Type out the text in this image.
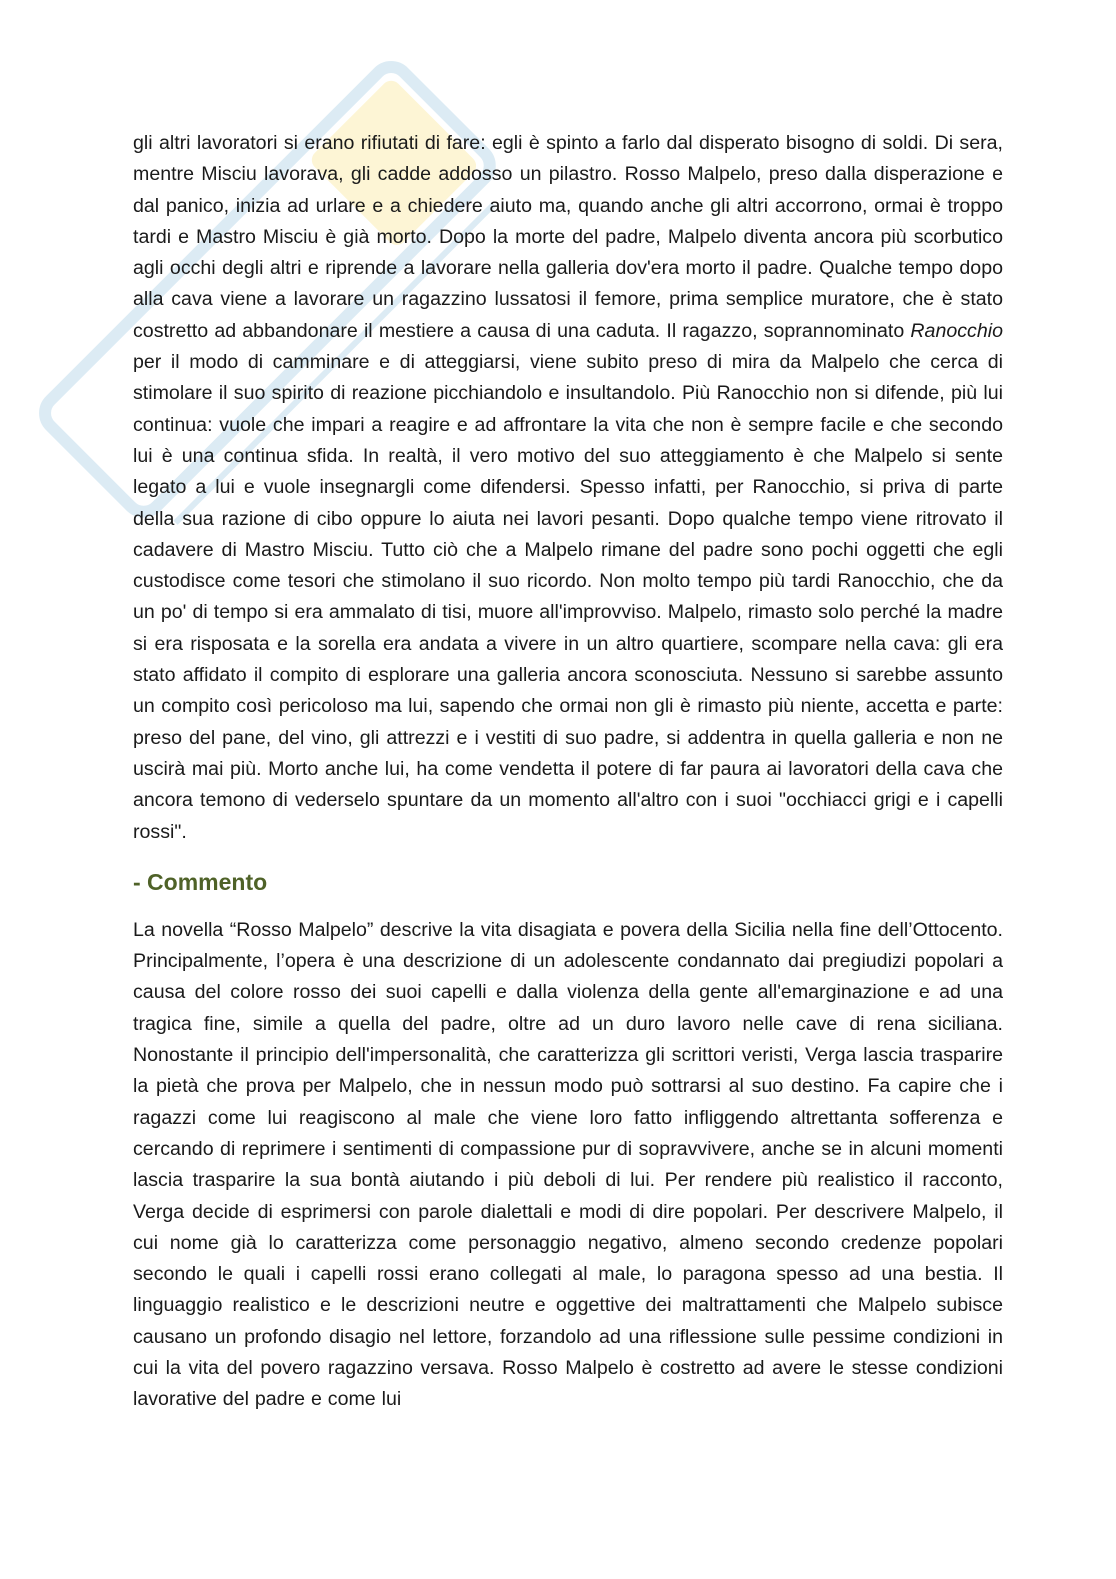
gli altri lavoratori si erano rifiutati di fare: egli è spinto a farlo dal disperato bisogno di soldi. Di sera, mentre Misciu lavorava, gli cadde addosso un pilastro. Rosso Malpelo, preso dalla disperazione e dal panico, inizia ad urlare e a chiedere aiuto ma, quando anche gli altri accorrono, ormai è troppo tardi e Mastro Misciu è già morto. Dopo la morte del padre, Malpelo diventa ancora più scorbutico agli occhi degli altri e riprende a lavorare nella galleria dov'era morto il padre. Qualche tempo dopo alla cava viene a lavorare un ragazzino lussatosi il femore, prima semplice muratore, che è stato costretto ad abbandonare il mestiere a causa di una caduta. Il ragazzo, soprannominato Ranocchio per il modo di camminare e di atteggiarsi, viene subito preso di mira da Malpelo che cerca di stimolare il suo spirito di reazione picchiandolo e insultandolo. Più Ranocchio non si difende, più lui continua: vuole che impari a reagire e ad affrontare la vita che non è sempre facile e che secondo lui è una continua sfida. In realtà, il vero motivo del suo atteggiamento è che Malpelo si sente legato a lui e vuole insegnargli come difendersi. Spesso infatti, per Ranocchio, si priva di parte della sua razione di cibo oppure lo aiuta nei lavori pesanti. Dopo qualche tempo viene ritrovato il cadavere di Mastro Misciu. Tutto ciò che a Malpelo rimane del padre sono pochi oggetti che egli custodisce come tesori che stimolano il suo ricordo. Non molto tempo più tardi Ranocchio, che da un po' di tempo si era ammalato di tisi, muore all'improvviso. Malpelo, rimasto solo perché la madre si era risposata e la sorella era andata a vivere in un altro quartiere, scompare nella cava: gli era stato affidato il compito di esplorare una galleria ancora sconosciuta. Nessuno si sarebbe assunto un compito così pericoloso ma lui, sapendo che ormai non gli è rimasto più niente, accetta e parte: preso del pane, del vino, gli attrezzi e i vestiti di suo padre, si addentra in quella galleria e non ne uscirà mai più. Morto anche lui, ha come vendetta il potere di far paura ai lavoratori della cava che ancora temono di vederselo spuntare da un momento all'altro con i suoi "occhiacci grigi e i capelli rossi".

- Commento

La novella “Rosso Malpelo” descrive la vita disagiata e povera della Sicilia nella fine dell’Ottocento. Principalmente, l’opera è una descrizione di un adolescente condannato dai pregiudizi popolari a causa del colore rosso dei suoi capelli e dalla violenza della gente all'emarginazione e ad una tragica fine, simile a quella del padre, oltre ad un duro lavoro nelle cave di rena siciliana. Nonostante il principio dell'impersonalità, che caratterizza gli scrittori veristi, Verga lascia trasparire la pietà che prova per Malpelo, che in nessun modo può sottrarsi al suo destino. Fa capire che i ragazzi come lui reagiscono al male che viene loro fatto infliggendo altrettanta sofferenza e cercando di reprimere i sentimenti di compassione pur di sopravvivere, anche se in alcuni momenti lascia trasparire la sua bontà aiutando i più deboli di lui. Per rendere più realistico il racconto, Verga decide di esprimersi con parole dialettali e modi di dire popolari. Per descrivere Malpelo, il cui nome già lo caratterizza come personaggio negativo, almeno secondo credenze popolari secondo le quali i capelli rossi erano collegati al male, lo paragona spesso ad una bestia. Il linguaggio realistico e le descrizioni neutre e oggettive dei maltrattamenti che Malpelo subisce causano un profondo disagio nel lettore, forzandolo ad una riflessione sulle pessime condizioni in cui la vita del povero ragazzino versava. Rosso Malpelo è costretto ad avere le stesse condizioni lavorative del padre e come lui
